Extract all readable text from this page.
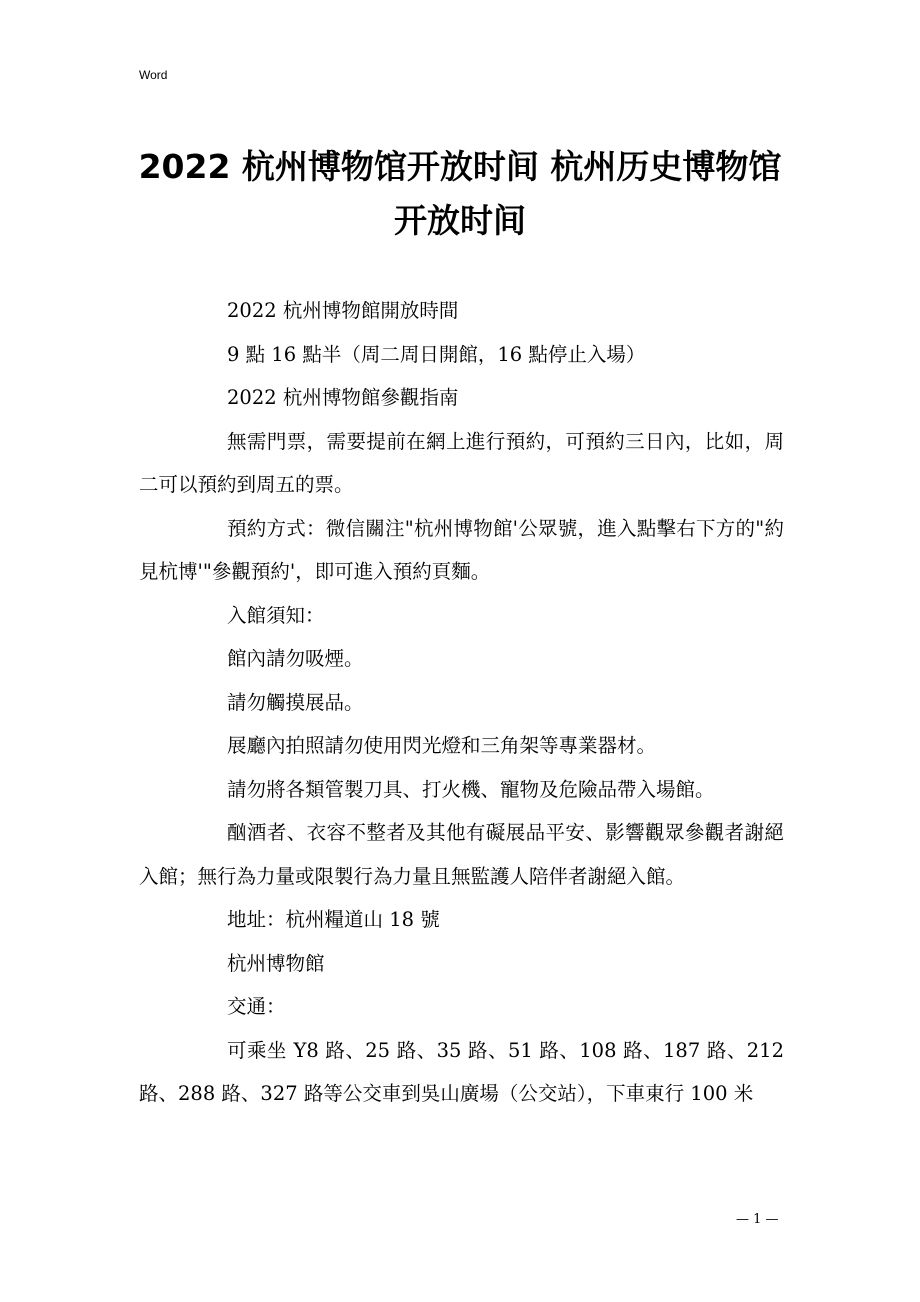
Word
2022 杭州博物馆开放时间 杭州历史博物馆
开放时间

2022 杭州博物館開放時間

9 點 16 點半（周二周日開館，16 點停止入場）

2022 杭州博物館參觀指南

無需門票，需要提前在網上進行預約，可預約三日內，比如，周二可以預約到周五的票。

預約方式：微信關注"杭州博物館'公眾號，進入點擊右下方的"約見杭博'"參觀預約'，即可進入預約頁麵。

入館須知：

館內請勿吸煙。

請勿觸摸展品。

展廳內拍照請勿使用閃光燈和三角架等專業器材。

請勿將各類管製刀具、打火機、寵物及危險品帶入場館。

酗酒者、衣容不整者及其他有礙展品平安、影響觀眾參觀者謝絕入館；無行為力量或限製行為力量且無監護人陪伴者謝絕入館。

地址：杭州糧道山 18 號

杭州博物館

交通：

可乘坐 Y8 路、25 路、35 路、51 路、108 路、187 路、212 路、288 路、327 路等公交車到吳山廣場（公交站），下車東行 100 米

— 1 —
